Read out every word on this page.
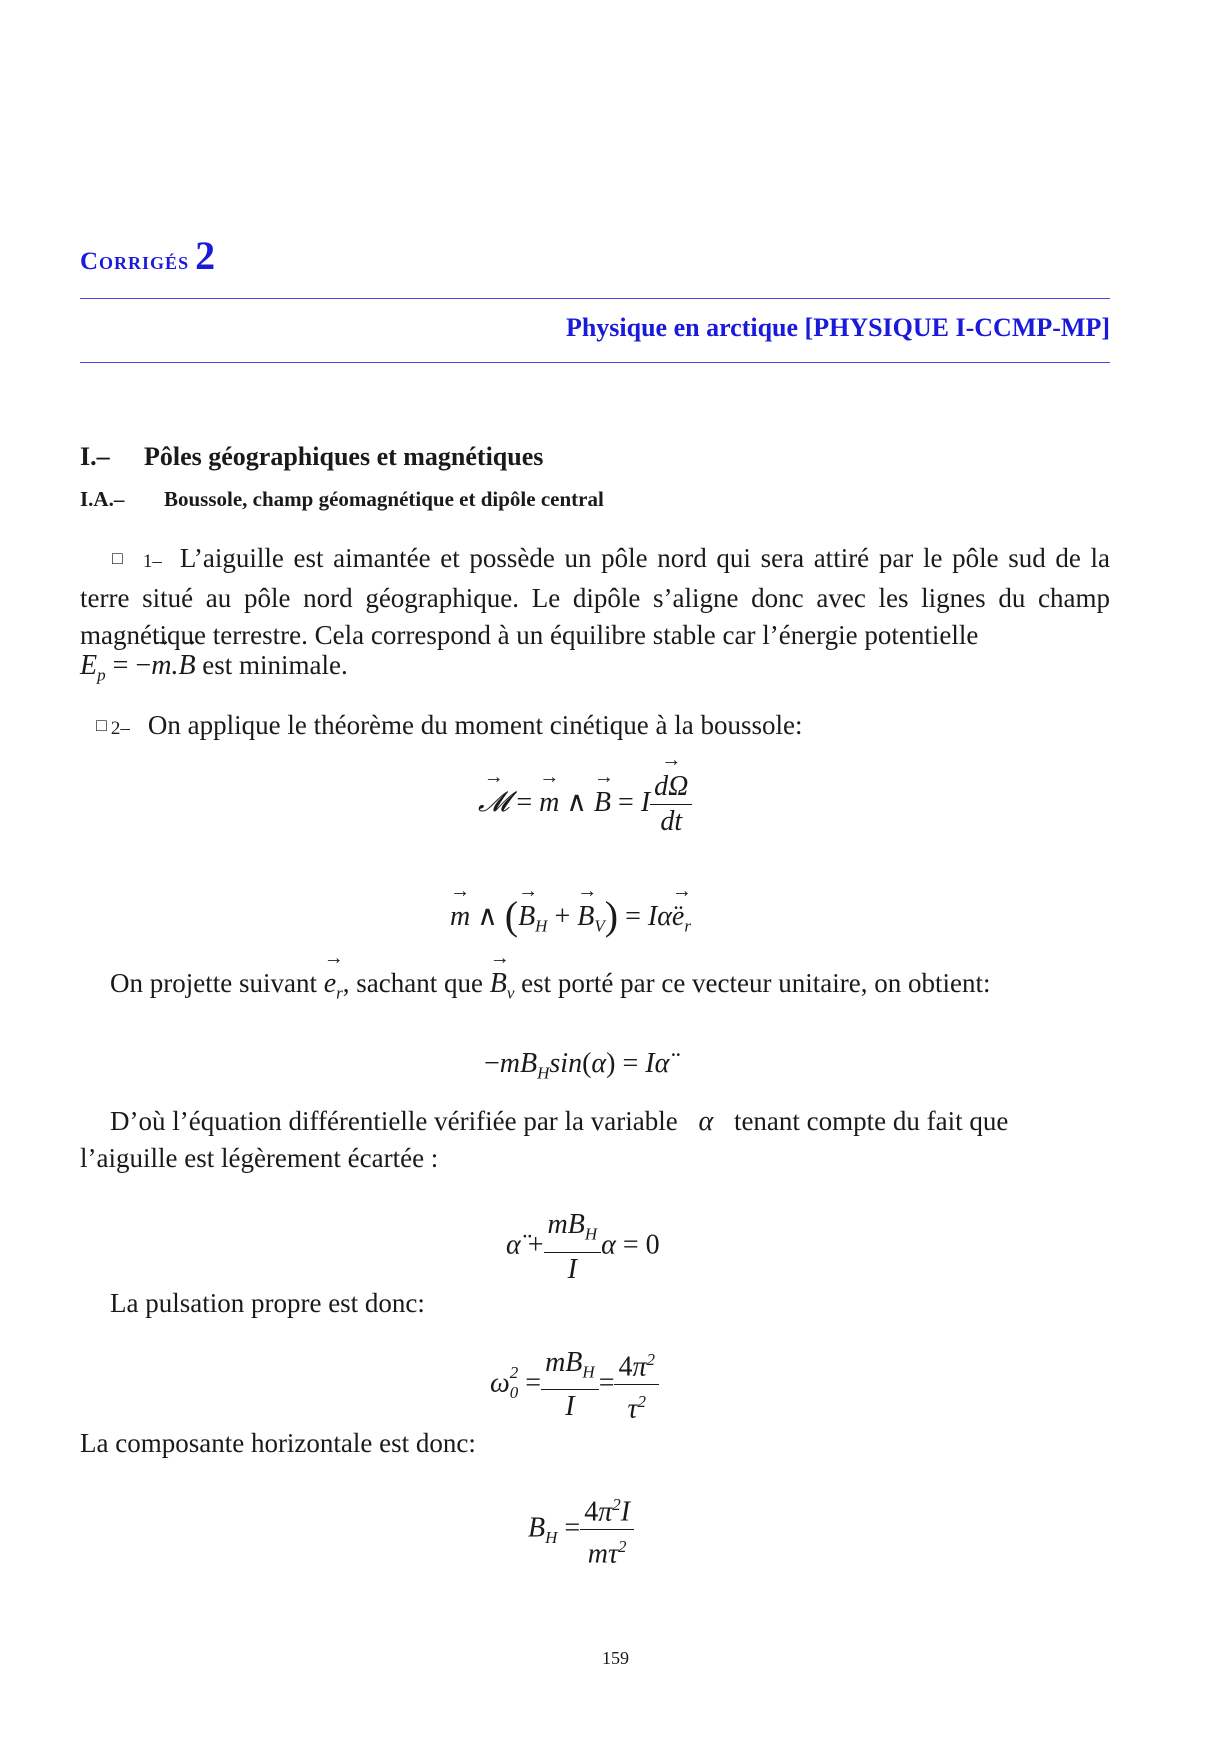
Corrigés 2
Physique en arctique [PHYSIQUE I-CCMP-MP]
I.– Pôles géographiques et magnétiques
I.A.– Boussole, champ géomagnétique et dipôle central
□ 1– L’aiguille est aimantée et possède un pôle nord qui sera attiré par le pôle sud de la terre situé au pôle nord géographique. Le dipôle s’aligne donc avec les lignes du champ magnétique terrestre. Cela correspond à un équilibre stable car l’énergie potentielle
$E_p$ = −→ m.→ B est minimale.
□ 2– On applique le théorème du moment cinétique à la boussole:
→ 𝓜 = → m ∧ → B = I
→ $\frac{d\Omega}{dt}$
→ m ∧ (→ $B_H$ + → $B_V$) = Iα̈→ $e_r$
On projette suivant → $e_r$, sachant que → $B_v$ est porté par ce vecteur unitaire, on obtient:
$-mB_H\sin(\alpha)$ = Iα̈
D’où l’équation différentielle vérifiée par la variable α tenant compte du fait que
l’aiguille est légèrement écartée :
α̈ + $\frac{mB_H}{I}$ α = 0
La pulsation propre est donc:
ω $_{2 0} = \frac{mB_H}{I} = \frac{4\pi^2}{\tau^2}$
La composante horizontale est donc:
$B_H = \frac{4\pi^2I}{m\tau^2}$
159
